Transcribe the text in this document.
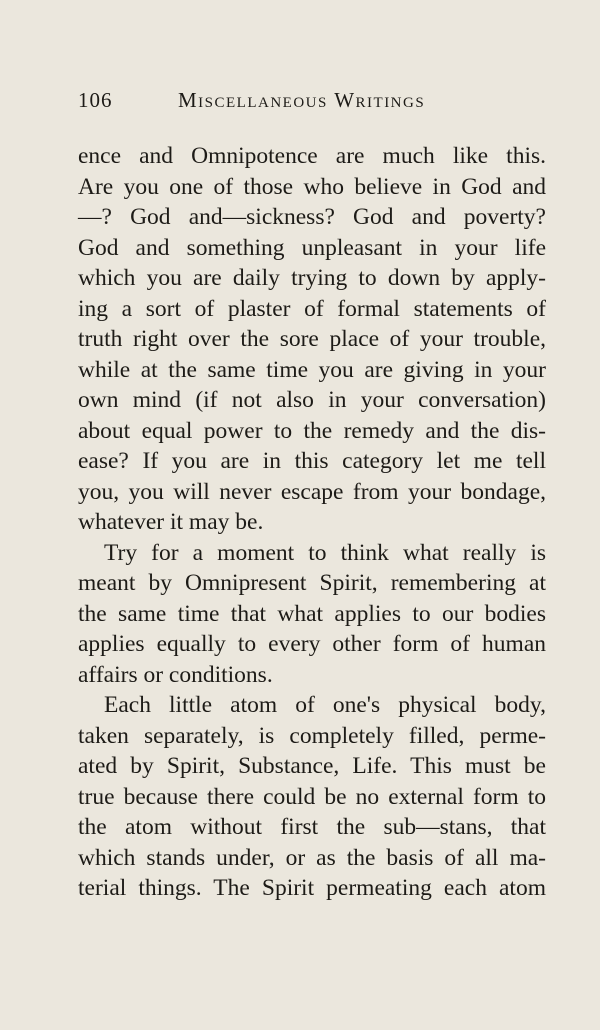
106	Miscellaneous Writings
ence and Omnipotence are much like this.
Are you one of those who believe in God and
—? God and—sickness? God and poverty?
God and something unpleasant in your life
which you are daily trying to down by apply-
ing a sort of plaster of formal statements of
truth right over the sore place of your trouble,
while at the same time you are giving in your
own mind (if not also in your conversation)
about equal power to the remedy and the dis-
ease? If you are in this category let me tell
you, you will never escape from your bondage,
whatever it may be.
Try for a moment to think what really is
meant by Omnipresent Spirit, remembering at
the same time that what applies to our bodies
applies equally to every other form of human
affairs or conditions.
Each little atom of one's physical body,
taken separately, is completely filled, perme-
ated by Spirit, Substance, Life. This must be
true because there could be no external form to
the atom without first the sub—stans, that
which stands under, or as the basis of all ma-
terial things. The Spirit permeating each atom
